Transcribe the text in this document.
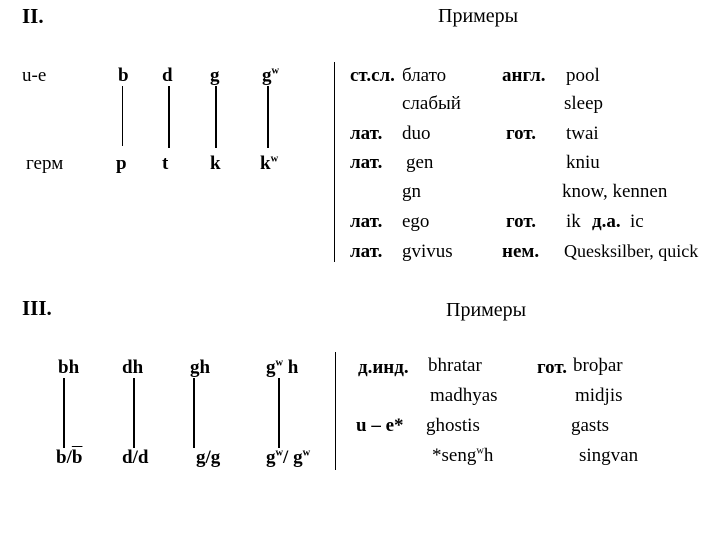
II.	Примеры
u-e	b d g $g^w$
герм	p t k $k^w$
ст.сл. блато	англ. pool
слабый	sleep
лат. duo	гот. twai
лат. gen	kniu
gn	know, kennen
лат. ego	гот. ik д.а. ic
лат. gvivus	нем. Quesksilber, quick
III.	Примеры
bh dh gh	$g^w$ h
$b/\overline{b}$ d/d	g/g $g^w/$ $g^w$
д.инд. bhratar	гот. broþar
madhyas	midjis
u – e* ghostis	gasts
*seng$^w$h	singvan
